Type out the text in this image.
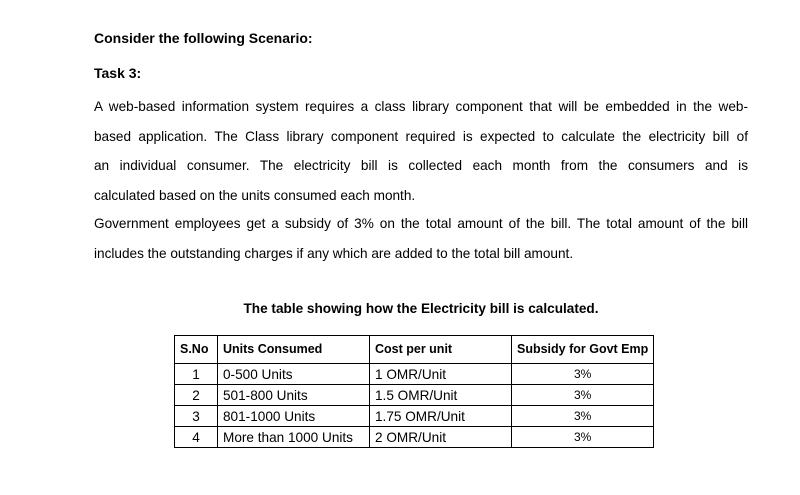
Consider the following Scenario:
Task 3:
A web-based information system requires a class library component that will be embedded in the web-
based application. The Class library component required is expected to calculate the electricity bill of
an individual consumer. The electricity bill is collected each month from the consumers and is
calculated based on the units consumed each month.
Government employees get a subsidy of 3% on the total amount of the bill. The total amount of the bill
includes the outstanding charges if any which are added to the total bill amount.
The table showing how the Electricity bill is calculated.
S.No	Units Consumed	Cost per unit	Subsidy for Govt Emp
1	0-500 Units	1 OMR/Unit	3%
2	501-800 Units	1.5 OMR/Unit	3%
3	801-1000 Units	1.75 OMR/Unit	3%
4	More than 1000 Units	2 OMR/Unit	3%
